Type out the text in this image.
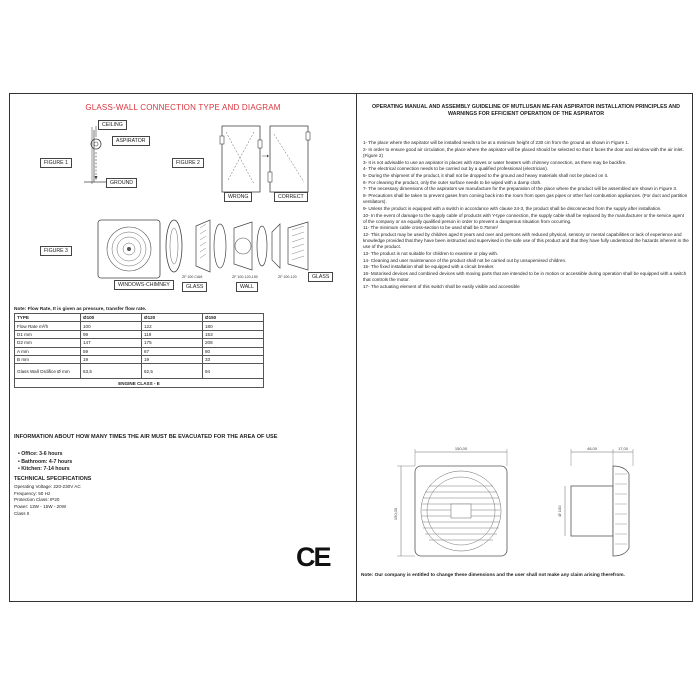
GLASS-WALL CONNECTION TYPE AND DIAGRAM
CEILING
ASPIRATOR
FIGURE 1
GROUND
FIGURE 2
WRONG	CORRECT
FIGURE 3
ZF 100 CAM	ZF 100-120-150	ZF 100-120
WINDOWS-CHIMNEY	GLASS	WALL
GLASS
Note: Flow Rate, It is given as pressure, transfer flow rate.
TYPE	Ø100	Ø120	Ø150
Flow Rate m³/h	100	122	180
D1 mm	99	119	153
D2 mm	147	175	208
A mm	59	67	80
B mm	19	19	33
Glass Wall Ordifice Ø mm	53,5	62,5	94
ENGINE CLASS - E			
INFORMATION ABOUT HOW MANY TIMES THE AIR MUST BE EVACUATED FOR THE AREA OF USE
• Office: 3-6 hours
• Bathroom: 4-7 hours
• Kitchen: 7-14 hours
TECHNICAL SPECIFICATIONS
Operating Voltage: 220-230V AC
Frequency: 50 Hz
Protection Class: IP20
Power: 13W - 15W - 20W
Class II
CE
OPERATING MANUAL AND ASSEMBLY GUIDELINE OF MUTLUSAN ME-FAN ASPIRATOR INSTALLATION PRINCIPLES AND WARNINGS FOR EFFICIENT OPERATION OF THE ASPIRATOR
1- The place where the aspirator will be installed needs to be at a minimum height of 230 cm from the ground as shown in Figure 1.
2- In order to ensure good air circulation, the place where the aspirator will be placed should be selected so that it faces the door and window with the air inlet. (Figure 2)
3- It is not advisable to use an aspirator in places with stoves or water heaters with chimney connection, as there may be backfire.
4- The electrical connection needs to be carried out by a qualified professional (electrician).
5- During the shipment of the product, it shall not be dropped to the ground and heavy materials shall not be placed on it.
6- For cleaning the product, only the outer surface needs to be wiped with a damp cloth.
7- The necessary dimensions of the aspirators we manufacture for the preparation of the place where the product will be assembled are shown in Figure 3.
8- Precautions shall be taken to prevent gases from coming back into the room from open gas pipes or other fuel combustion appliances. (For duct and partition ventilators).
9- Unless the product is equipped with a switch in accordance with clause 24-3, the product shall be disconnected from the supply after installation.
10- In the event of damage to the supply cable of products with Y-type connection, the supply cable shall be replaced by the manufacturer or the service agent of the company or an equally qualified person in order to prevent a dangerous situation from occurring.
11- The minimum cable cross-section to be used shall be 0.75mm²
12- This product may be used by children aged 8 years and over and persons with reduced physical, sensory or mental capabilities or lack of experience and knowledge provided that they have been instructed and supervised in the safe use of this product and that they have fully understood the hazards inherent in the use of the product.
13- The product is not suitable for children to examine or play with.
14- Cleaning and user maintenance of the product shall not be carried out by unsupervised children.
15- The fixed installation shall be equipped with a circuit breaker.
16- Motorised devices and combined devices with moving parts that are intended to be in motion or accessible during operation shall be equipped with a switch that controls the motor.
17- The actuating element of this switch shall be easily visible and accessible
150,00
150,00
48,00	17,00
Ø 100
Note: Our company is entitled to change these dimensions and the user shall not make any claim arising therefrom.
